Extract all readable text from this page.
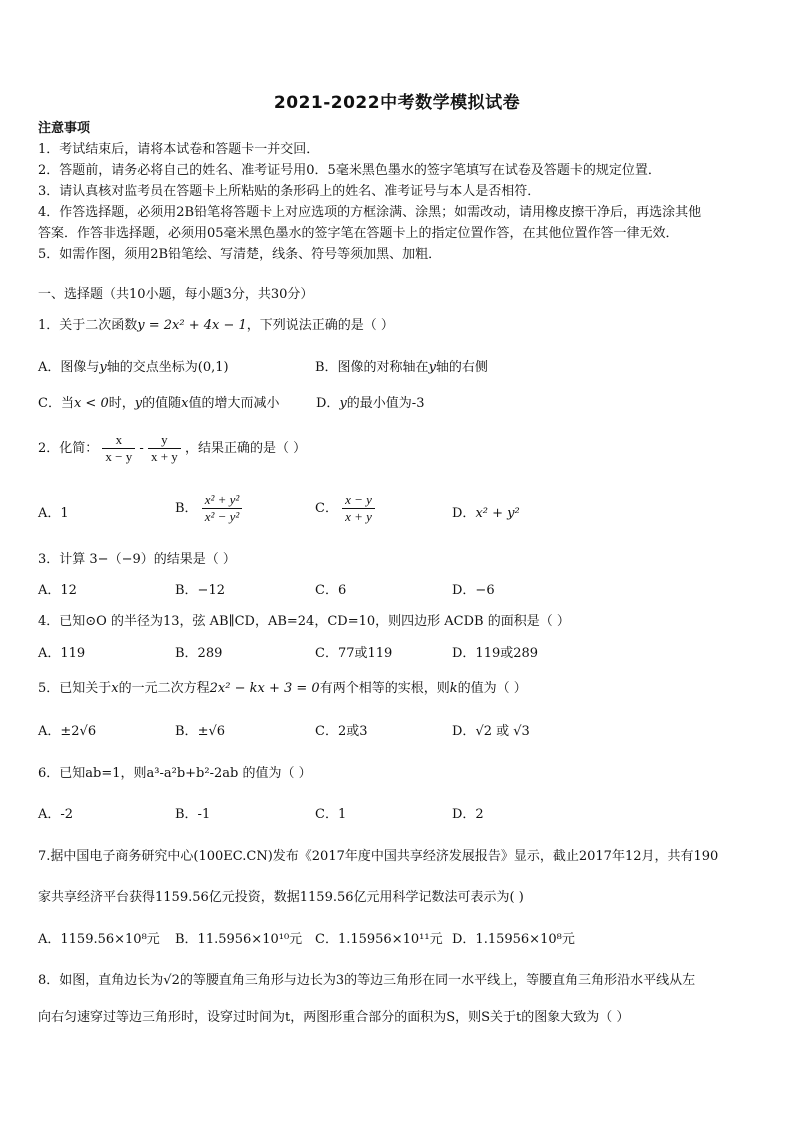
2021-2022中考数学模拟试卷
注意事项
1．考试结束后，请将本试卷和答题卡一并交回．
2．答题前，请务必将自己的姓名、准考证号用0．5毫米黑色墨水的签字笔填写在试卷及答题卡的规定位置．
3．请认真核对监考员在答题卡上所粘贴的条形码上的姓名、准考证号与本人是否相符．
4．作答选择题，必须用2B铅笔将答题卡上对应选项的方框涂满、涂黑；如需改动，请用橡皮擦干净后，再选涂其他
答案．作答非选择题，必须用05毫米黑色墨水的签字笔在答题卡上的指定位置作答，在其他位置作答一律无效．
5．如需作图，须用2B铅笔绘、写清楚，线条、符号等须加黑、加粗．
一、选择题（共10小题，每小题3分，共30分）
1．关于二次函数y = 2x² + 4x − 1，下列说法正确的是（ ）
A．图像与y轴的交点坐标为(0,1)	B．图像的对称轴在y轴的右侧
C．当x < 0时，y的值随x值的增大而减小	D．y的最小值为-3
2．化简： $\frac{x}{x - y} - \frac{y}{x + y}$ ，结果正确的是（ ）
A．1	B． $\frac{\text{x² + y²}}{\text{x² − y²}}$	C． $\frac{x - y}{x + y}$	D．x² + y²
3．计算 3−（−9）的结果是（ ）
A．12	B．−12	C．6	D．−6
4．已知⊙O 的半径为13，弦 AB∥CD，AB=24，CD=10，则四边形 ACDB 的面积是（ ）
A．119	B．289	C．77或119	D．119或289
5．已知关于x的一元二次方程2x² − kx + 3 = 0有两个相等的实根，则k的值为（ ）
A．±2√6	B．±√6	C．2或3	D．√2 或 √3
6．已知ab=1，则a³-a²b+b²-2ab 的值为（ ）
A．-2	B．-1	C．1	D．2
7.据中国电子商务研究中心(100EC.CN)发布《2017年度中国共享经济发展报告》显示，截止2017年12月，共有190
家共享经济平台获得1159.56亿元投资，数据1159.56亿元用科学记数法可表示为( )
A．1159.56×10⁸元 B．11.5956×10¹⁰元 C．1.15956×10¹¹元 D．1.15956×10⁸元
8．如图，直角边长为√2的等腰直角三角形与边长为3的等边三角形在同一水平线上，等腰直角三角形沿水平线从左
向右匀速穿过等边三角形时，设穿过时间为t，两图形重合部分的面积为S，则S关于t的图象大致为（ ）
